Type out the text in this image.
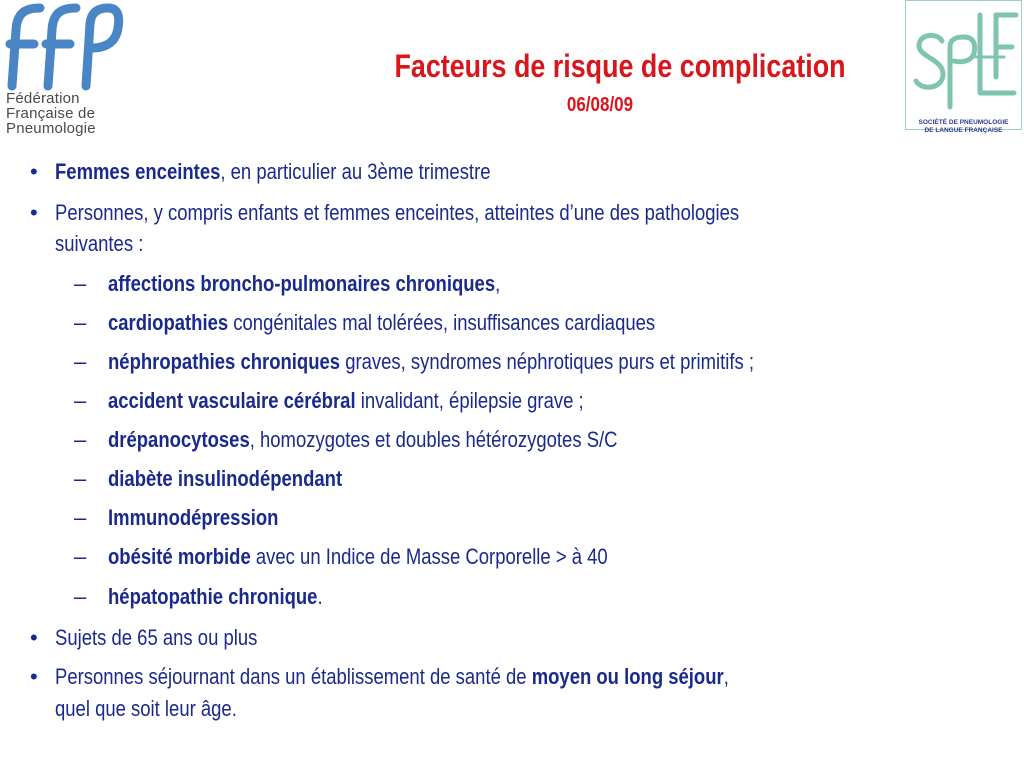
Fédération
Française de
Pneumologie
Facteurs de risque de complication
06/08/09
SOCIÉTÉ DE PNEUMOLOGIE
DE LANGUE FRANÇAISE
• Femmes enceintes, en particulier au 3ème trimestre
• Personnes, y compris enfants et femmes enceintes, atteintes d’une des pathologies
suivantes :
– affections broncho-pulmonaires chroniques,
– cardiopathies congénitales mal tolérées, insuffisances cardiaques
– néphropathies chroniques graves, syndromes néphrotiques purs et primitifs ;
– accident vasculaire cérébral invalidant, épilepsie grave ;
– drépanocytoses, homozygotes et doubles hétérozygotes S/C
– diabète insulinodépendant
– Immunodépression
– obésité morbide avec un Indice de Masse Corporelle > à 40
– hépatopathie chronique.
• Sujets de 65 ans ou plus
• Personnes séjournant dans un établissement de santé de moyen ou long séjour,
quel que soit leur âge.
